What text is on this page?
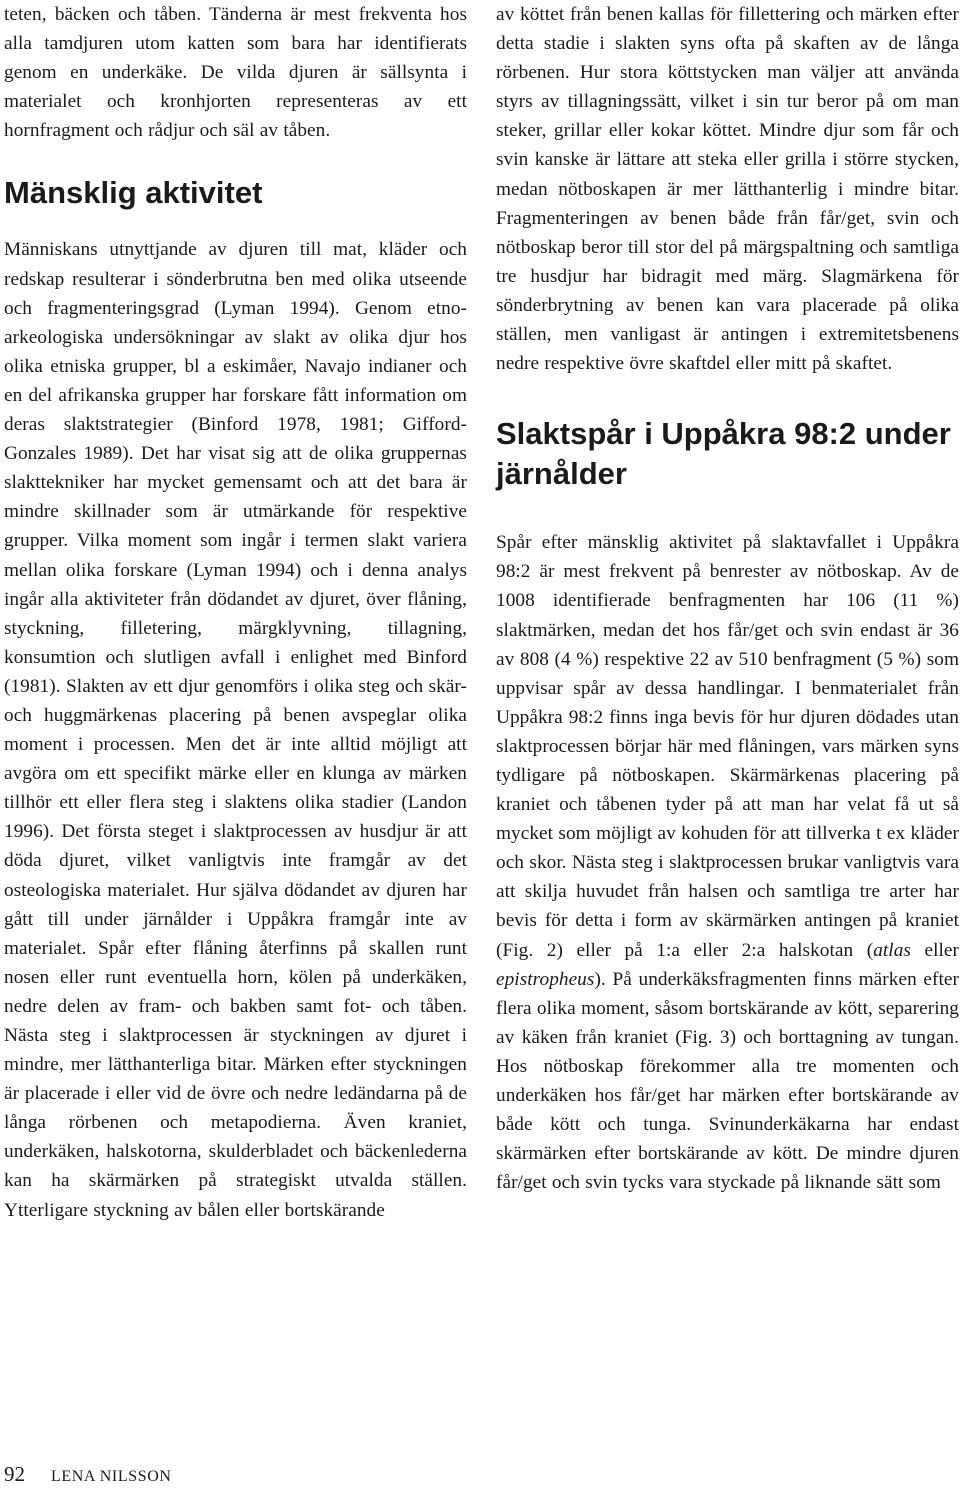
teten, bäcken och tåben. Tänderna är mest frekventa hos alla tamdjuren utom katten som bara har identifierats genom en underkäke. De vilda djuren är sällsynta i materialet och kronhjorten representeras av ett hornfragment och rådjur och säl av tåben.

Mänsklig aktivitet

Människans utnyttjande av djuren till mat, kläder och redskap resulterar i sönderbrutna ben med olika utseende och fragmenteringsgrad (Lyman 1994). Genom etno-arkeologiska undersökningar av slakt av olika djur hos olika etniska grupper, bl a eskimåer, Navajo indianer och en del afrikanska grupper har forskare fått information om deras slaktstrategier (Binford 1978, 1981; Gifford-Gonzales 1989). Det har visat sig att de olika gruppernas slakttekniker har mycket gemensamt och att det bara är mindre skillnader som är utmärkande för respektive grupper. Vilka moment som ingår i termen slakt variera mellan olika forskare (Lyman 1994) och i denna analys ingår alla aktiviteter från dödandet av djuret, över flåning, styckning, filletering, märgklyvning, tillagning, konsumtion och slutligen avfall i enlighet med Binford (1981). Slakten av ett djur genomförs i olika steg och skär- och huggmärkenas placering på benen avspeglar olika moment i processen. Men det är inte alltid möjligt att avgöra om ett specifikt märke eller en klunga av märken tillhör ett eller flera steg i slaktens olika stadier (Landon 1996). Det första steget i slaktprocessen av husdjur är att döda djuret, vilket vanligtvis inte framgår av det osteologiska materialet. Hur själva dödandet av djuren har gått till under järnålder i Uppåkra framgår inte av materialet. Spår efter flåning återfinns på skallen runt nosen eller runt eventuella horn, kölen på underkäken, nedre delen av fram- och bakben samt fot- och tåben. Nästa steg i slaktprocessen är styckningen av djuret i mindre, mer lätthanterliga bitar. Märken efter styckningen är placerade i eller vid de övre och nedre ledändarna på de långa rörbenen och metapodierna. Även kraniet, underkäken, halskotorna, skulderbladet och bäckenlederna kan ha skärmärken på strategiskt utvalda ställen. Ytterligare styckning av bålen eller bortskärande

av köttet från benen kallas för fillettering och märken efter detta stadie i slakten syns ofta på skaften av de långa rörbenen. Hur stora köttstycken man väljer att använda styrs av tillagningssätt, vilket i sin tur beror på om man steker, grillar eller kokar köttet. Mindre djur som får och svin kanske är lättare att steka eller grilla i större stycken, medan nötboskapen är mer lätthanterlig i mindre bitar. Fragmenteringen av benen både från får/get, svin och nötboskap beror till stor del på märgspaltning och samtliga tre husdjur har bidragit med märg. Slagmärkena för sönderbrytning av benen kan vara placerade på olika ställen, men vanligast är antingen i extremitetsbenens nedre respektive övre skaftdel eller mitt på skaftet.

Slaktspår i Uppåkra 98:2 under järnålder

Spår efter mänsklig aktivitet på slaktavfallet i Uppåkra 98:2 är mest frekvent på benrester av nötboskap. Av de 1008 identifierade benfragmenten har 106 (11 %) slaktmärken, medan det hos får/get och svin endast är 36 av 808 (4 %) respektive 22 av 510 benfragment (5 %) som uppvisar spår av dessa handlingar. I benmaterialet från Uppåkra 98:2 finns inga bevis för hur djuren dödades utan slaktprocessen börjar här med flåningen, vars märken syns tydligare på nötboskapen. Skärmärkenas placering på kraniet och tåbenen tyder på att man har velat få ut så mycket som möjligt av kohuden för att tillverka t ex kläder och skor. Nästa steg i slaktprocessen brukar vanligtvis vara att skilja huvudet från halsen och samtliga tre arter har bevis för detta i form av skärmärken antingen på kraniet (Fig. 2) eller på 1:a eller 2:a halskotan (atlas eller epistropheus). På underkäksfragmenten finns märken efter flera olika moment, såsom bortskärande av kött, separering av käken från kraniet (Fig. 3) och borttagning av tungan. Hos nötboskap förekommer alla tre momenten och underkäken hos får/get har märken efter bortskärande av både kött och tunga. Svinunderkäkarna har endast skärmärken efter bortskärande av kött. De mindre djuren får/get och svin tycks vara styckade på liknande sätt som

92 LENA NILSSON
